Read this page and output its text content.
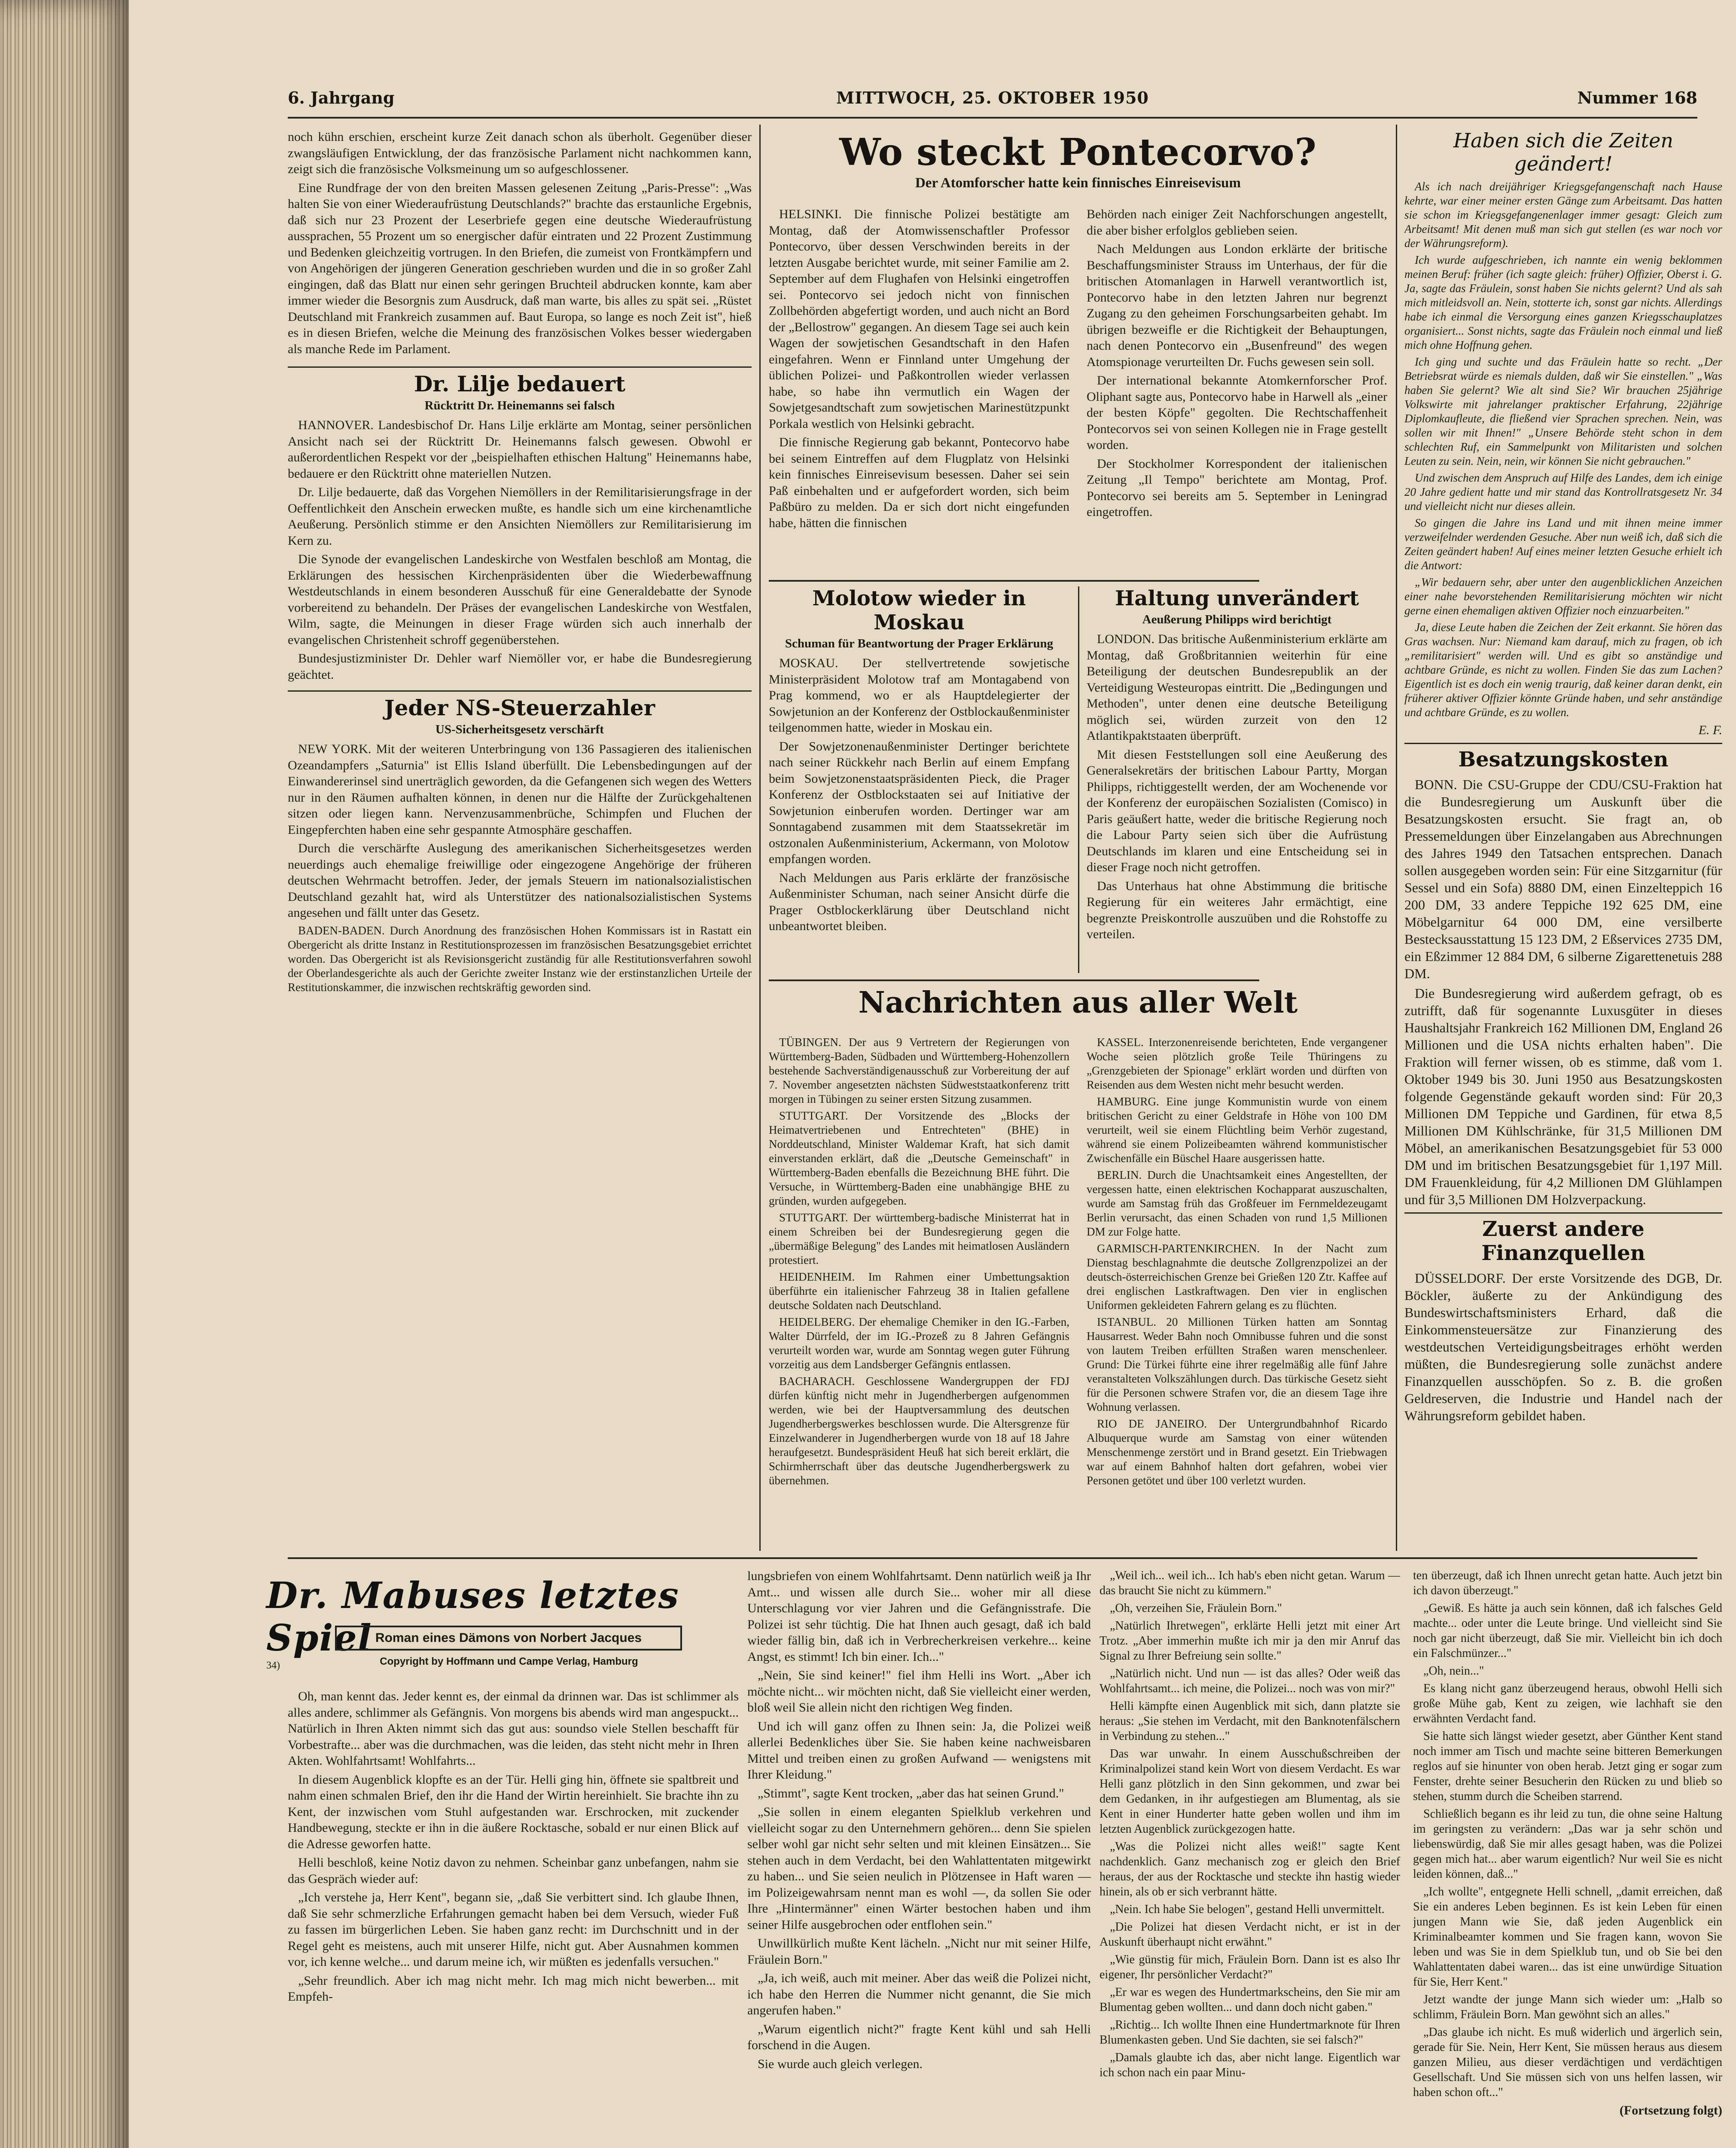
6. Jahrgang	MITTWOCH, 25. OKTOBER 1950	Nummer 168

noch kühn erschien, erscheint kurze Zeit danach schon als überholt. Gegenüber dieser zwangsläufigen Entwicklung, der das französische Parlament nicht nachkommen kann, zeigt sich die französische Volksmeinung um so aufgeschlossener.

Eine Rundfrage der von den breiten Massen gelesenen Zeitung „Paris-Presse": „Was halten Sie von einer Wiederaufrüstung Deutschlands?" brachte das erstaunliche Ergebnis, daß sich nur 23 Prozent der Leserbriefe gegen eine deutsche Wiederaufrüstung aussprachen, 55 Prozent um so energischer dafür eintraten und 22 Prozent Zustimmung und Bedenken gleichzeitig vortrugen. In den Briefen, die zumeist von Frontkämpfern und von Angehörigen der jüngeren Generation geschrieben wurden und die in so großer Zahl eingingen, daß das Blatt nur einen sehr geringen Bruchteil abdrucken konnte, kam aber immer wieder die Besorgnis zum Ausdruck, daß man warte, bis alles zu spät sei. „Rüstet Deutschland mit Frankreich zusammen auf. Baut Europa, so lange es noch Zeit ist", hieß es in diesen Briefen, welche die Meinung des französischen Volkes besser wiedergaben als manche Rede im Parlament.

Dr. Lilje bedauert
Rücktritt Dr. Heinemanns sei falsch

HANNOVER. Landesbischof Dr. Hans Lilje erklärte am Montag, seiner persönlichen Ansicht nach sei der Rücktritt Dr. Heinemanns falsch gewesen. Obwohl er außerordentlichen Respekt vor der „beispielhaften ethischen Haltung" Heinemanns habe, bedauere er den Rücktritt ohne materiellen Nutzen.

Dr. Lilje bedauerte, daß das Vorgehen Niemöllers in der Remilitarisierungsfrage in der Oeffentlichkeit den Anschein erwecken mußte, es handle sich um eine kirchenamtliche Aeußerung. Persönlich stimme er den Ansichten Niemöllers zur Remilitarisierung im Kern zu.

Die Synode der evangelischen Landeskirche von Westfalen beschloß am Montag, die Erklärungen des hessischen Kirchenpräsidenten über die Wiederbewaffnung Westdeutschlands in einem besonderen Ausschuß für eine Generaldebatte der Synode vorbereitend zu behandeln. Der Präses der evangelischen Landeskirche von Westfalen, Wilm, sagte, die Meinungen in dieser Frage würden sich auch innerhalb der evangelischen Christenheit schroff gegenüberstehen.

Bundesjustizminister Dr. Dehler warf Niemöller vor, er habe die Bundesregierung geächtet.

Jeder NS-Steuerzahler
US-Sicherheitsgesetz verschärft

NEW YORK. Mit der weiteren Unterbringung von 136 Passagieren des italienischen Ozeandampfers „Saturnia" ist Ellis Island überfüllt. Die Lebensbedingungen auf der Einwandererinsel sind unerträglich geworden, da die Gefangenen sich wegen des Wetters nur in den Räumen aufhalten können, in denen nur die Hälfte der Zurückgehaltenen sitzen oder liegen kann. Nervenzusammenbrüche, Schimpfen und Fluchen der Eingepferchten haben eine sehr gespannte Atmosphäre geschaffen.

Durch die verschärfte Auslegung des amerikanischen Sicherheitsgesetzes werden neuerdings auch ehemalige freiwillige oder eingezogene Angehörige der früheren deutschen Wehrmacht betroffen. Jeder, der jemals Steuern im nationalsozialistischen Deutschland gezahlt hat, wird als Unterstützer des nationalsozialistischen Systems angesehen und fällt unter das Gesetz.

BADEN-BADEN. Durch Anordnung des französischen Hohen Kommissars ist in Rastatt ein Obergericht als dritte Instanz in Restitutionsprozessen im französischen Besatzungsgebiet errichtet worden. Das Obergericht ist als Revisionsgericht zuständig für alle Restitutionsverfahren sowohl der Oberlandesgerichte als auch der Gerichte zweiter Instanz wie der erstinstanzlichen Urteile der Restitutionskammer, die inzwischen rechtskräftig geworden sind.

Wo steckt Pontecorvo?
Der Atomforscher hatte kein finnisches Einreisevisum

HELSINKI. Die finnische Polizei bestätigte am Montag, daß der Atomwissenschaftler Professor Pontecorvo, über dessen Verschwinden bereits in der letzten Ausgabe berichtet wurde, mit seiner Familie am 2. September auf dem Flughafen von Helsinki eingetroffen sei. Pontecorvo sei jedoch nicht von finnischen Zollbehörden abgefertigt worden, und auch nicht an Bord der „Bellostrow" gegangen. An diesem Tage sei auch kein Wagen der sowjetischen Gesandtschaft in den Hafen eingefahren. Wenn er Finnland unter Umgehung der üblichen Polizei- und Paßkontrollen wieder verlassen habe, so habe ihn vermutlich ein Wagen der Sowjetgesandtschaft zum sowjetischen Marinestützpunkt Porkala westlich von Helsinki gebracht.

Die finnische Regierung gab bekannt, Pontecorvo habe bei seinem Eintreffen auf dem Flugplatz von Helsinki kein finnisches Einreisevisum besessen. Daher sei sein Paß einbehalten und er aufgefordert worden, sich beim Paßbüro zu melden. Da er sich dort nicht eingefunden habe, hätten die finnischen

Behörden nach einiger Zeit Nachforschungen angestellt, die aber bisher erfolglos geblieben seien.

Nach Meldungen aus London erklärte der britische Beschaffungsminister Strauss im Unterhaus, der für die britischen Atomanlagen in Harwell verantwortlich ist, Pontecorvo habe in den letzten Jahren nur begrenzt Zugang zu den geheimen Forschungsarbeiten gehabt. Im übrigen bezweifle er die Richtigkeit der Behauptungen, nach denen Pontecorvo ein „Busenfreund" des wegen Atomspionage verurteilten Dr. Fuchs gewesen sein soll.

Der international bekannte Atomkernforscher Prof. Oliphant sagte aus, Pontecorvo habe in Harwell als „einer der besten Köpfe" gegolten. Die Rechtschaffenheit Pontecorvos sei von seinen Kollegen nie in Frage gestellt worden.

Der Stockholmer Korrespondent der italienischen Zeitung „Il Tempo" berichtete am Montag, Prof. Pontecorvo sei bereits am 5. September in Leningrad eingetroffen.

Molotow wieder in Moskau
Schuman für Beantwortung der Prager Erklärung

MOSKAU. Der stellvertretende sowjetische Ministerpräsident Molotow traf am Montagabend von Prag kommend, wo er als Hauptdelegierter der Sowjetunion an der Konferenz der Ostblockaußenminister teilgenommen hatte, wieder in Moskau ein.

Der Sowjetzonenaußenminister Dertinger berichtete nach seiner Rückkehr nach Berlin auf einem Empfang beim Sowjetzonenstaatspräsidenten Pieck, die Prager Konferenz der Ostblockstaaten sei auf Initiative der Sowjetunion einberufen worden. Dertinger war am Sonntagabend zusammen mit dem Staatssekretär im ostzonalen Außenministerium, Ackermann, von Molotow empfangen worden.

Nach Meldungen aus Paris erklärte der französische Außenminister Schuman, nach seiner Ansicht dürfe die Prager Ostblockerklärung über Deutschland nicht unbeantwortet bleiben.

Haltung unverändert
Aeußerung Philipps wird berichtigt

LONDON. Das britische Außenministerium erklärte am Montag, daß Großbritannien weiterhin für eine Beteiligung der deutschen Bundesrepublik an der Verteidigung Westeuropas eintritt. Die „Bedingungen und Methoden", unter denen eine deutsche Beteiligung möglich sei, würden zurzeit von den 12 Atlantikpaktstaaten überprüft.

Mit diesen Feststellungen soll eine Aeußerung des Generalsekretärs der britischen Labour Partty, Morgan Philipps, richtiggestellt werden, der am Wochenende vor der Konferenz der europäischen Sozialisten (Comisco) in Paris geäußert hatte, weder die britische Regierung noch die Labour Party seien sich über die Aufrüstung Deutschlands im klaren und eine Entscheidung sei in dieser Frage noch nicht getroffen.

Das Unterhaus hat ohne Abstimmung die britische Regierung für ein weiteres Jahr ermächtigt, eine begrenzte Preiskontrolle auszuüben und die Rohstoffe zu verteilen.

Nachrichten aus aller Welt

TÜBINGEN. Der aus 9 Vertretern der Regierungen von Württemberg-Baden, Südbaden und Württemberg-Hohenzollern bestehende Sachverständigenausschuß zur Vorbereitung der auf 7. November angesetzten nächsten Südweststaatkonferenz tritt morgen in Tübingen zu seiner ersten Sitzung zusammen.

STUTTGART. Der Vorsitzende des „Blocks der Heimatvertriebenen und Entrechteten" (BHE) in Norddeutschland, Minister Waldemar Kraft, hat sich damit einverstanden erklärt, daß die „Deutsche Gemeinschaft" in Württemberg-Baden ebenfalls die Bezeichnung BHE führt. Die Versuche, in Württemberg-Baden eine unabhängige BHE zu gründen, wurden aufgegeben.

STUTTGART. Der württemberg-badische Ministerrat hat in einem Schreiben bei der Bundesregierung gegen die „übermäßige Belegung" des Landes mit heimatlosen Ausländern protestiert.

HEIDENHEIM. Im Rahmen einer Umbettungsaktion überführte ein italienischer Fahrzeug 38 in Italien gefallene deutsche Soldaten nach Deutschland.

HEIDELBERG. Der ehemalige Chemiker in den IG.-Farben, Walter Dürrfeld, der im IG.-Prozeß zu 8 Jahren Gefängnis verurteilt worden war, wurde am Sonntag wegen guter Führung vorzeitig aus dem Landsberger Gefängnis entlassen.

BACHARACH. Geschlossene Wandergruppen der FDJ dürfen künftig nicht mehr in Jugendherbergen aufgenommen werden, wie bei der Hauptversammlung des deutschen Jugendherbergswerkes beschlossen wurde. Die Altersgrenze für Einzelwanderer in Jugendherbergen wurde von 18 auf 18 Jahre heraufgesetzt. Bundespräsident Heuß hat sich bereit erklärt, die Schirmherrschaft über das deutsche Jugendherbergswerk zu übernehmen.

KASSEL. Interzonenreisende berichteten, Ende vergangener Woche seien plötzlich große Teile Thüringens zu „Grenzgebieten der Spionage" erklärt worden und dürften von Reisenden aus dem Westen nicht mehr besucht werden.

HAMBURG. Eine junge Kommunistin wurde von einem britischen Gericht zu einer Geldstrafe in Höhe von 100 DM verurteilt, weil sie einem Flüchtling beim Verhör zugestand, während sie einem Polizeibeamten während kommunistischer Zwischenfälle ein Büschel Haare ausgerissen hatte.

BERLIN. Durch die Unachtsamkeit eines Angestellten, der vergessen hatte, einen elektrischen Kochapparat auszuschalten, wurde am Samstag früh das Großfeuer im Fernmeldezeugamt Berlin verursacht, das einen Schaden von rund 1,5 Millionen DM zur Folge hatte.

GARMISCH-PARTENKIRCHEN. In der Nacht zum Dienstag beschlagnahmte die deutsche Zollgrenzpolizei an der deutsch-österreichischen Grenze bei Grießen 120 Ztr. Kaffee auf drei englischen Lastkraftwagen. Den vier in englischen Uniformen gekleideten Fahrern gelang es zu flüchten.

ISTANBUL. 20 Millionen Türken hatten am Sonntag Hausarrest. Weder Bahn noch Omnibusse fuhren und die sonst von lautem Treiben erfüllten Straßen waren menschenleer. Grund: Die Türkei führte eine ihrer regelmäßig alle fünf Jahre veranstalteten Volkszählungen durch. Das türkische Gesetz sieht für die Personen schwere Strafen vor, die an diesem Tage ihre Wohnung verlassen.

RIO DE JANEIRO. Der Untergrundbahnhof Ricardo Albuquerque wurde am Samstag von einer wütenden Menschenmenge zerstört und in Brand gesetzt. Ein Triebwagen war auf einem Bahnhof halten dort gefahren, wobei vier Personen getötet und über 100 verletzt wurden.

Haben sich die Zeiten geändert!

Als ich nach dreijähriger Kriegsgefangenschaft nach Hause kehrte, war einer meiner ersten Gänge zum Arbeitsamt. Das hatten sie schon im Kriegsgefangenenlager immer gesagt: Gleich zum Arbeitsamt! Mit denen muß man sich gut stellen (es war noch vor der Währungsreform).

Ich wurde aufgeschrieben, ich nannte ein wenig beklommen meinen Beruf: früher (ich sagte gleich: früher) Offizier, Oberst i. G. Ja, sagte das Fräulein, sonst haben Sie nichts gelernt? Und als sah mich mitleidsvoll an. Nein, stotterte ich, sonst gar nichts. Allerdings habe ich einmal die Versorgung eines ganzen Kriegsschauplatzes organisiert... Sonst nichts, sagte das Fräulein noch einmal und ließ mich ohne Hoffnung gehen.

Ich ging und suchte und das Fräulein hatte so recht. „Der Betriebsrat würde es niemals dulden, daß wir Sie einstellen." „Was haben Sie gelernt? Wie alt sind Sie? Wir brauchen 25jährige Volkswirte mit jahrelanger praktischer Erfahrung, 22jährige Diplomkaufleute, die fließend vier Sprachen sprechen. Nein, was sollen wir mit Ihnen!" „Unsere Behörde steht schon in dem schlechten Ruf, ein Sammelpunkt von Militaristen und solchen Leuten zu sein. Nein, nein, wir können Sie nicht gebrauchen."

Und zwischen dem Anspruch auf Hilfe des Landes, dem ich einige 20 Jahre gedient hatte und mir stand das Kontrollratsgesetz Nr. 34 und vielleicht nicht nur dieses allein.

So gingen die Jahre ins Land und mit ihnen meine immer verzweifelnder werdenden Gesuche. Aber nun weiß ich, daß sich die Zeiten geändert haben! Auf eines meiner letzten Gesuche erhielt ich die Antwort:

„Wir bedauern sehr, aber unter den augenblicklichen Anzeichen einer nahe bevorstehenden Remilitarisierung möchten wir nicht gerne einen ehemaligen aktiven Offizier noch einzuarbeiten."

Ja, diese Leute haben die Zeichen der Zeit erkannt. Sie hören das Gras wachsen. Nur: Niemand kam darauf, mich zu fragen, ob ich „remilitarisiert" werden will. Und es gibt so anständige und achtbare Gründe, es nicht zu wollen. Finden Sie das zum Lachen? Eigentlich ist es doch ein wenig traurig, daß keiner daran denkt, ein früherer aktiver Offizier könnte Gründe haben, und sehr anständige und achtbare Gründe, es zu wollen.

E. F.
Besatzungskosten

BONN. Die CSU-Gruppe der CDU/CSU-Fraktion hat die Bundesregierung um Auskunft über die Besatzungskosten ersucht. Sie fragt an, ob Pressemeldungen über Einzelangaben aus Abrechnungen des Jahres 1949 den Tatsachen entsprechen. Danach sollen ausgegeben worden sein: Für eine Sitzgarnitur (für Sessel und ein Sofa) 8880 DM, einen Einzelteppich 16 200 DM, 33 andere Teppiche 192 625 DM, eine Möbelgarnitur 64 000 DM, eine versilberte Bestecksausstattung 15 123 DM, 2 Eßservices 2735 DM, ein Eßzimmer 12 884 DM, 6 silberne Zigarettenetuis 288 DM.

Die Bundesregierung wird außerdem gefragt, ob es zutrifft, daß für sogenannte Luxusgüter in dieses Haushaltsjahr Frankreich 162 Millionen DM, England 26 Millionen und die USA nichts erhalten haben". Die Fraktion will ferner wissen, ob es stimme, daß vom 1. Oktober 1949 bis 30. Juni 1950 aus Besatzungskosten folgende Gegenstände gekauft worden sind: Für 20,3 Millionen DM Teppiche und Gardinen, für etwa 8,5 Millionen DM Kühlschränke, für 31,5 Millionen DM Möbel, an amerikanischen Besatzungsgebiet für 53 000 DM und im britischen Besatzungsgebiet für 1,197 Mill. DM Frauenkleidung, für 4,2 Millionen DM Glühlampen und für 3,5 Millionen DM Holzverpackung.

Zuerst andere Finanzquellen

DÜSSELDORF. Der erste Vorsitzende des DGB, Dr. Böckler, äußerte zu der Ankündigung des Bundeswirtschaftsministers Erhard, daß die Einkommensteuersätze zur Finanzierung des westdeutschen Verteidigungsbeitrages erhöht werden müßten, die Bundesregierung solle zunächst andere Finanzquellen ausschöpfen. So z. B. die großen Geldreserven, die Industrie und Handel nach der Währungsreform gebildet haben.

Dr. Mabuses letztes Spiel Roman eines Dämons von Norbert Jacques
Copyright by Hoffmann und Campe Verlag, Hamburg
34)

Oh, man kennt das. Jeder kennt es, der einmal da drinnen war. Das ist schlimmer als alles andere, schlimmer als Gefängnis. Von morgens bis abends wird man angespuckt... Natürlich in Ihren Akten nimmt sich das gut aus: soundso viele Stellen beschafft für Vorbestrafte... aber was die durchmachen, was die leiden, das steht nicht mehr in Ihren Akten. Wohlfahrtsamt! Wohlfahrts...

In diesem Augenblick klopfte es an der Tür. Helli ging hin, öffnete sie spaltbreit und nahm einen schmalen Brief, den ihr die Hand der Wirtin hereinhielt. Sie brachte ihn zu Kent, der inzwischen vom Stuhl aufgestanden war. Erschrocken, mit zuckender Handbewegung, steckte er ihn in die äußere Rocktasche, sobald er nur einen Blick auf die Adresse geworfen hatte.

Helli beschloß, keine Notiz davon zu nehmen. Scheinbar ganz unbefangen, nahm sie das Gespräch wieder auf:

„Ich verstehe ja, Herr Kent", begann sie, „daß Sie verbittert sind. Ich glaube Ihnen, daß Sie sehr schmerzliche Erfahrungen gemacht haben bei dem Versuch, wieder Fuß zu fassen im bürgerlichen Leben. Sie haben ganz recht: im Durchschnitt und in der Regel geht es meistens, auch mit unserer Hilfe, nicht gut. Aber Ausnahmen kommen vor, ich kenne welche... und darum meine ich, wir müßten es jedenfalls versuchen."

„Sehr freundlich. Aber ich mag nicht mehr. Ich mag mich nicht bewerben... mit Empfeh-

lungsbriefen von einem Wohlfahrtsamt. Denn natürlich weiß ja Ihr Amt... und wissen alle durch Sie... woher mir all diese Unterschlagung vor vier Jahren und die Gefängnisstrafe. Die Polizei ist sehr tüchtig. Die hat Ihnen auch gesagt, daß ich bald wieder fällig bin, daß ich in Verbrecherkreisen verkehre... keine Angst, es stimmt! Ich bin einer. Ich..."

„Nein, Sie sind keiner!" fiel ihm Helli ins Wort. „Aber ich möchte nicht... wir möchten nicht, daß Sie vielleicht einer werden, bloß weil Sie allein nicht den richtigen Weg finden.

Und ich will ganz offen zu Ihnen sein: Ja, die Polizei weiß allerlei Bedenkliches über Sie. Sie haben keine nachweisbaren Mittel und treiben einen zu großen Aufwand — wenigstens mit Ihrer Kleidung."

„Stimmt", sagte Kent trocken, „aber das hat seinen Grund."

„Sie sollen in einem eleganten Spielklub verkehren und vielleicht sogar zu den Unternehmern gehören... denn Sie spielen selber wohl gar nicht sehr selten und mit kleinen Einsätzen... Sie stehen auch in dem Verdacht, bei den Wahlattentaten mitgewirkt zu haben... und Sie seien neulich in Plötzensee in Haft waren — im Polizeigewahrsam nennt man es wohl —, da sollen Sie oder Ihre „Hintermänner" einen Wärter bestochen haben und ihm seiner Hilfe ausgebrochen oder entflohen sein."

Unwillkürlich mußte Kent lächeln. „Nicht nur mit seiner Hilfe, Fräulein Born."

„Ja, ich weiß, auch mit meiner. Aber das weiß die Polizei nicht, ich habe den Herren die Nummer nicht genannt, die Sie mich angerufen haben."

„Warum eigentlich nicht?" fragte Kent kühl und sah Helli forschend in die Augen.

Sie wurde auch gleich verlegen.

„Weil ich... weil ich... Ich hab's eben nicht getan. Warum — das braucht Sie nicht zu kümmern."

„Oh, verzeihen Sie, Fräulein Born."

„Natürlich Ihretwegen", erklärte Helli jetzt mit einer Art Trotz. „Aber immerhin mußte ich mir ja den mir Anruf das Signal zu Ihrer Befreiung sein sollte."

„Natürlich nicht. Und nun — ist das alles? Oder weiß das Wohlfahrtsamt... ich meine, die Polizei... noch was von mir?"

Helli kämpfte einen Augenblick mit sich, dann platzte sie heraus: „Sie stehen im Verdacht, mit den Banknotenfälschern in Verbindung zu stehen..."

Das war unwahr. In einem Ausschußschreiben der Kriminalpolizei stand kein Wort von diesem Verdacht. Es war Helli ganz plötzlich in den Sinn gekommen, und zwar bei dem Gedanken, in ihr aufgestiegen am Blumentag, als sie Kent in einer Hunderter hatte geben wollen und ihm im letzten Augenblick zurückgezogen hatte.

„Was die Polizei nicht alles weiß!" sagte Kent nachdenklich. Ganz mechanisch zog er gleich den Brief heraus, der aus der Rocktasche und steckte ihn hastig wieder hinein, als ob er sich verbrannt hätte.

„Nein. Ich habe Sie belogen", gestand Helli unvermittelt.

„Die Polizei hat diesen Verdacht nicht, er ist in der Auskunft überhaupt nicht erwähnt."

„Wie günstig für mich, Fräulein Born. Dann ist es also Ihr eigener, Ihr persönlicher Verdacht?"

„Er war es wegen des Hundertmarkscheins, den Sie mir am Blumentag geben wollten... und dann doch nicht gaben."

„Richtig... Ich wollte Ihnen eine Hundertmarknote für Ihren Blumenkasten geben. Und Sie dachten, sie sei falsch?"

„Damals glaubte ich das, aber nicht lange. Eigentlich war ich schon nach ein paar Minu-

ten überzeugt, daß ich Ihnen unrecht getan hatte. Auch jetzt bin ich davon überzeugt."

„Gewiß. Es hätte ja auch sein können, daß ich falsches Geld machte... oder unter die Leute bringe. Und vielleicht sind Sie noch gar nicht überzeugt, daß Sie mir. Vielleicht bin ich doch ein Falschmünzer..."

„Oh, nein..."

Es klang nicht ganz überzeugend heraus, obwohl Helli sich große Mühe gab, Kent zu zeigen, wie lachhaft sie den erwähnten Verdacht fand.

Sie hatte sich längst wieder gesetzt, aber Günther Kent stand noch immer am Tisch und machte seine bitteren Bemerkungen reglos auf sie hinunter von oben herab. Jetzt ging er sogar zum Fenster, drehte seiner Besucherin den Rücken zu und blieb so stehen, stumm durch die Scheiben starrend.

Schließlich begann es ihr leid zu tun, die ohne seine Haltung im geringsten zu verändern: „Das war ja sehr schön und liebenswürdig, daß Sie mir alles gesagt haben, was die Polizei gegen mich hat... aber warum eigentlich? Nur weil Sie es nicht leiden können, daß..."

„Ich wollte", entgegnete Helli schnell, „damit erreichen, daß Sie ein anderes Leben beginnen. Es ist kein Leben für einen jungen Mann wie Sie, daß jeden Augenblick ein Kriminalbeamter kommen und Sie fragen kann, wovon Sie leben und was Sie in dem Spielklub tun, und ob Sie bei den Wahlattentaten dabei waren... das ist eine unwürdige Situation für Sie, Herr Kent."

Jetzt wandte der junge Mann sich wieder um: „Halb so schlimm, Fräulein Born. Man gewöhnt sich an alles."

„Das glaube ich nicht. Es muß widerlich und ärgerlich sein, gerade für Sie. Nein, Herr Kent, Sie müssen heraus aus diesem ganzen Milieu, aus dieser verdächtigen und verdächtigen Gesellschaft. Und Sie müssen sich von uns helfen lassen, wir haben schon oft..."

(Fortsetzung folgt)
